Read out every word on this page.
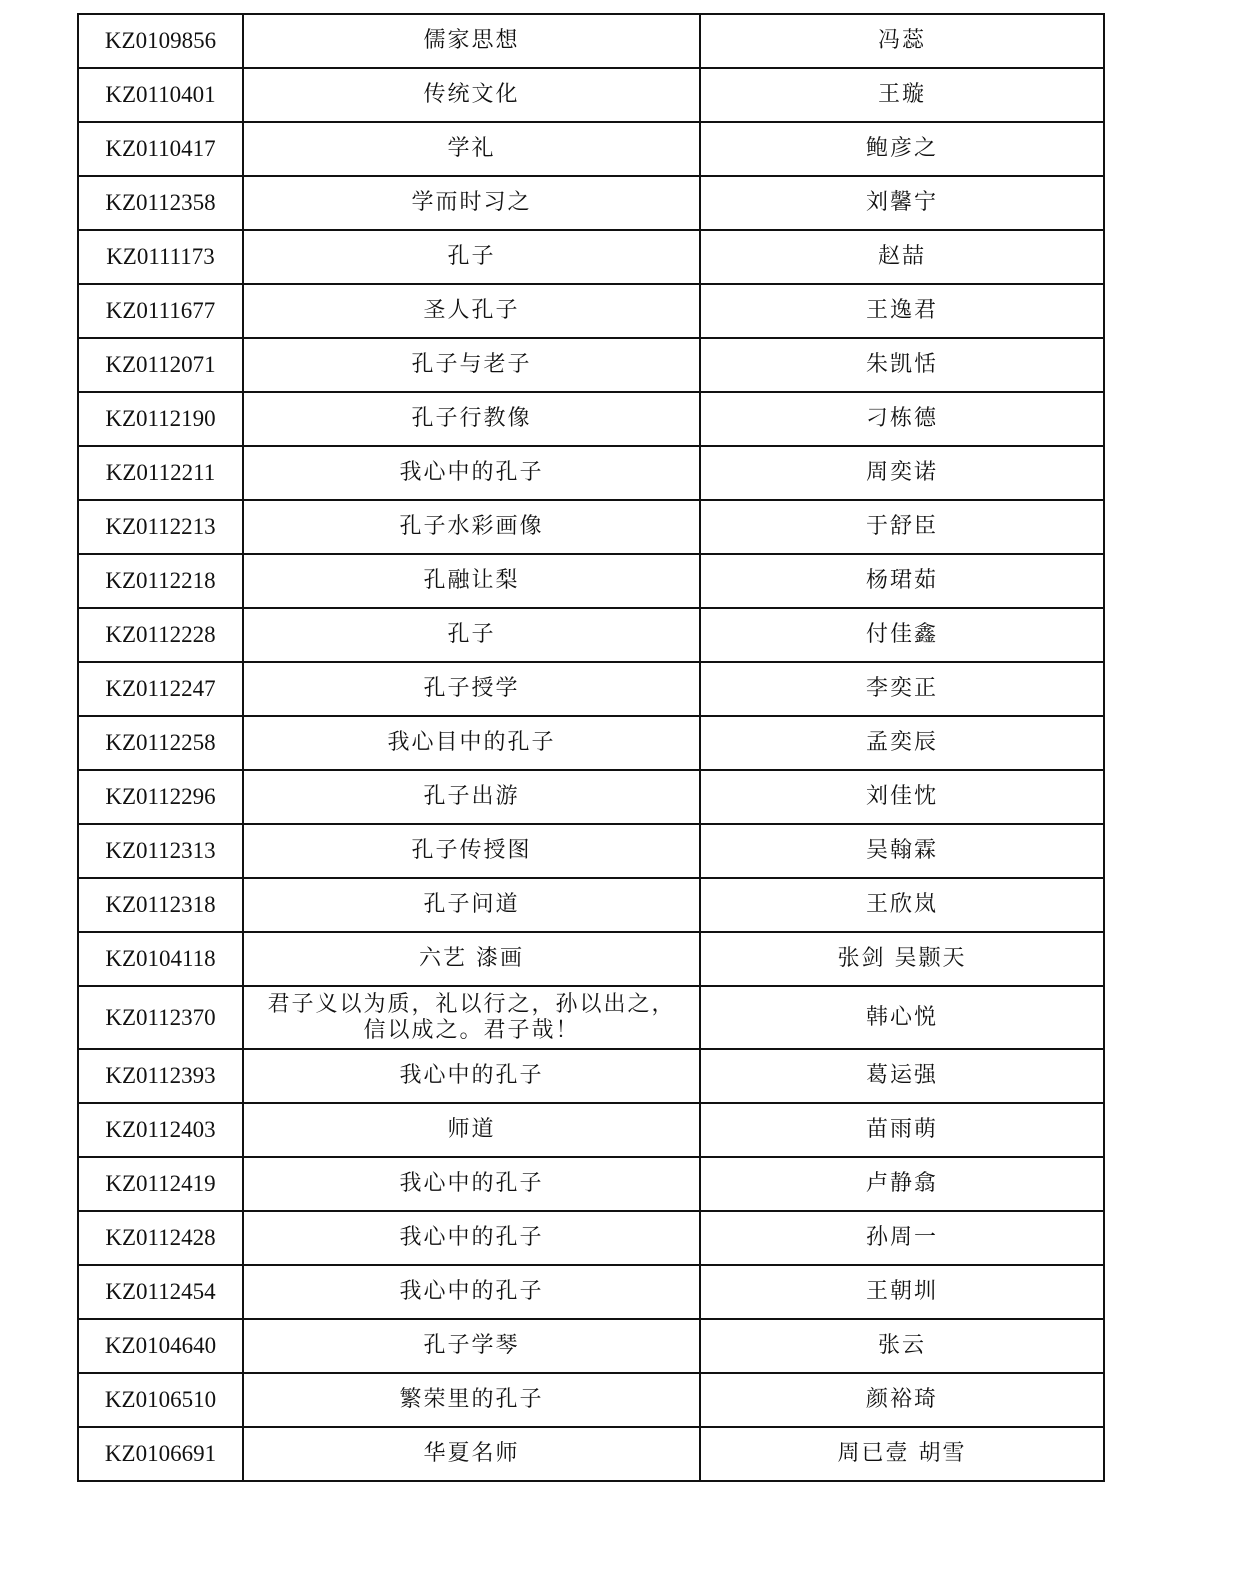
KZ0109856	儒家思想	冯蕊
KZ0110401	传统文化	王璇
KZ0110417	学礼	鲍彦之
KZ0112358	学而时习之	刘馨宁
KZ0111173	孔子	赵喆
KZ0111677	圣人孔子	王逸君
KZ0112071	孔子与老子	朱凯恬
KZ0112190	孔子行教像	刁栋德
KZ0112211	我心中的孔子	周奕诺
KZ0112213	孔子水彩画像	于舒臣
KZ0112218	孔融让梨	杨珺茹
KZ0112228	孔子	付佳鑫
KZ0112247	孔子授学	李奕正
KZ0112258	我心目中的孔子	孟奕辰
KZ0112296	孔子出游	刘佳忱
KZ0112313	孔子传授图	吴翰霖
KZ0112318	孔子问道	王欣岚
KZ0104118	六艺 漆画	张剑 吴颢天
KZ0112370	君子义以为质，礼以行之，孙以出之，
信以成之。君子哉！	韩心悦
KZ0112393	我心中的孔子	葛运强
KZ0112403	师道	苗雨萌
KZ0112419	我心中的孔子	卢静翕
KZ0112428	我心中的孔子	孙周一
KZ0112454	我心中的孔子	王朝圳
KZ0104640	孔子学琴	张云
KZ0106510	繁荣里的孔子	颜裕琦
KZ0106691	华夏名师	周已壹 胡雪
